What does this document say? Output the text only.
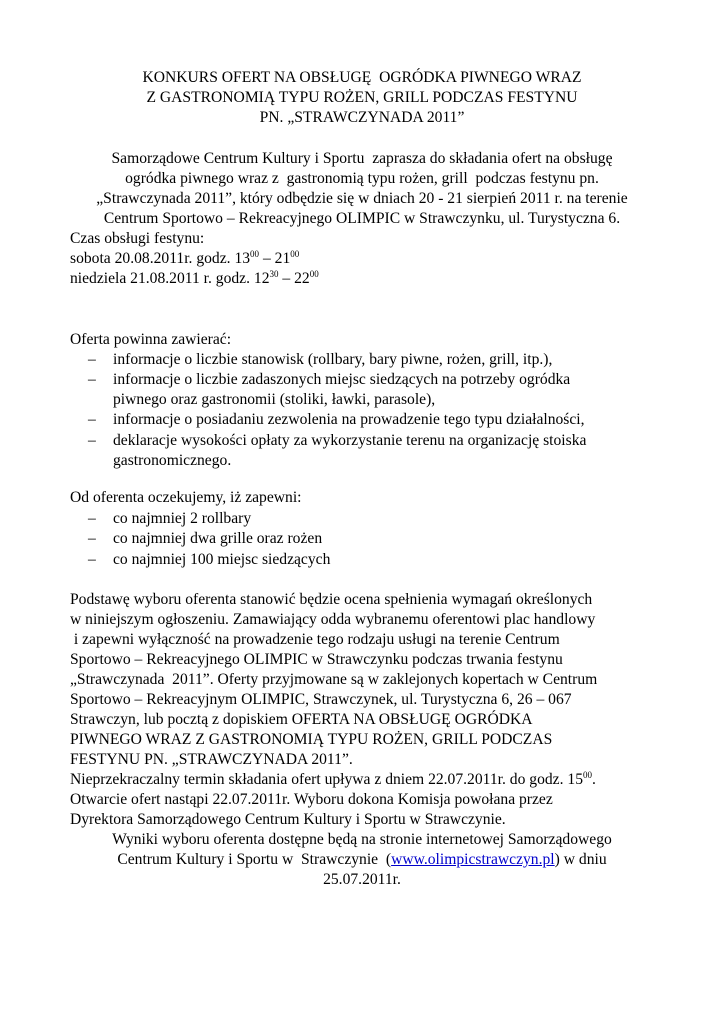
KONKURS OFERT NA OBSŁUGĘ  OGRÓDKA PIWNEGO WRAZ
Z GASTRONOMIĄ TYPU ROŻEN, GRILL PODCZAS FESTYNU
PN. „STRAWCZYNADA 2011”
Samorządowe Centrum Kultury i Sportu  zaprasza do składania ofert na obsługę
ogródka piwnego wraz z  gastronomią typu rożen, grill  podczas festynu pn.
„Strawczynada 2011”, który odbędzie się w dniach 20 - 21 sierpień 2011 r. na terenie
Centrum Sportowo – Rekreacyjnego OLIMPIC w Strawczynku, ul. Turystyczna 6.
Czas obsługi festynu:
sobota 20.08.2011r. godz. $13^{00} - 21^{00}$
niedziela 21.08.2011 r. godz. $12^{30} - 22^{00}$
Oferta powinna zawierać:
– informacje o liczbie stanowisk (rollbary, bary piwne, rożen, grill, itp.),
– informacje o liczbie zadaszonych miejsc siedzących na potrzeby ogródka
piwnego oraz gastronomii (stoliki, ławki, parasole),
– informacje o posiadaniu zezwolenia na prowadzenie tego typu działalności,
– deklaracje wysokości opłaty za wykorzystanie terenu na organizację stoiska
gastronomicznego.
Od oferenta oczekujemy, iż zapewni:
– co najmniej 2 rollbary
– co najmniej dwa grille oraz rożen
– co najmniej 100 miejsc siedzących
Podstawę wyboru oferenta stanowić będzie ocena spełnienia wymagań określonych
w niniejszym ogłoszeniu. Zamawiający odda wybranemu oferentowi plac handlowy
i zapewni wyłączność na prowadzenie tego rodzaju usługi na terenie Centrum
Sportowo – Rekreacyjnego OLIMPIC w Strawczynku podczas trwania festynu
„Strawczynada  2011”. Oferty przyjmowane są w zaklejonych kopertach w Centrum
Sportowo – Rekreacyjnym OLIMPIC, Strawczynek, ul. Turystyczna 6, 26 – 067
Strawczyn, lub pocztą z dopiskiem OFERTA NA OBSŁUGĘ OGRÓDKA
PIWNEGO WRAZ Z GASTRONOMIĄ TYPU ROŻEN, GRILL PODCZAS
FESTYNU PN. „STRAWCZYNADA 2011”.
Nieprzekraczalny termin składania ofert upływa z dniem 22.07.2011r. do godz. $15^{00}$.
Otwarcie ofert nastąpi 22.07.2011r. Wyboru dokona Komisja powołana przez
Dyrektora Samorządowego Centrum Kultury i Sportu w Strawczynie.
Wyniki wyboru oferenta dostępne będą na stronie internetowej Samorządowego
Centrum Kultury i Sportu w  Strawczynie  (www.olimpicstrawczyn.pl) w dniu
25.07.2011r.
